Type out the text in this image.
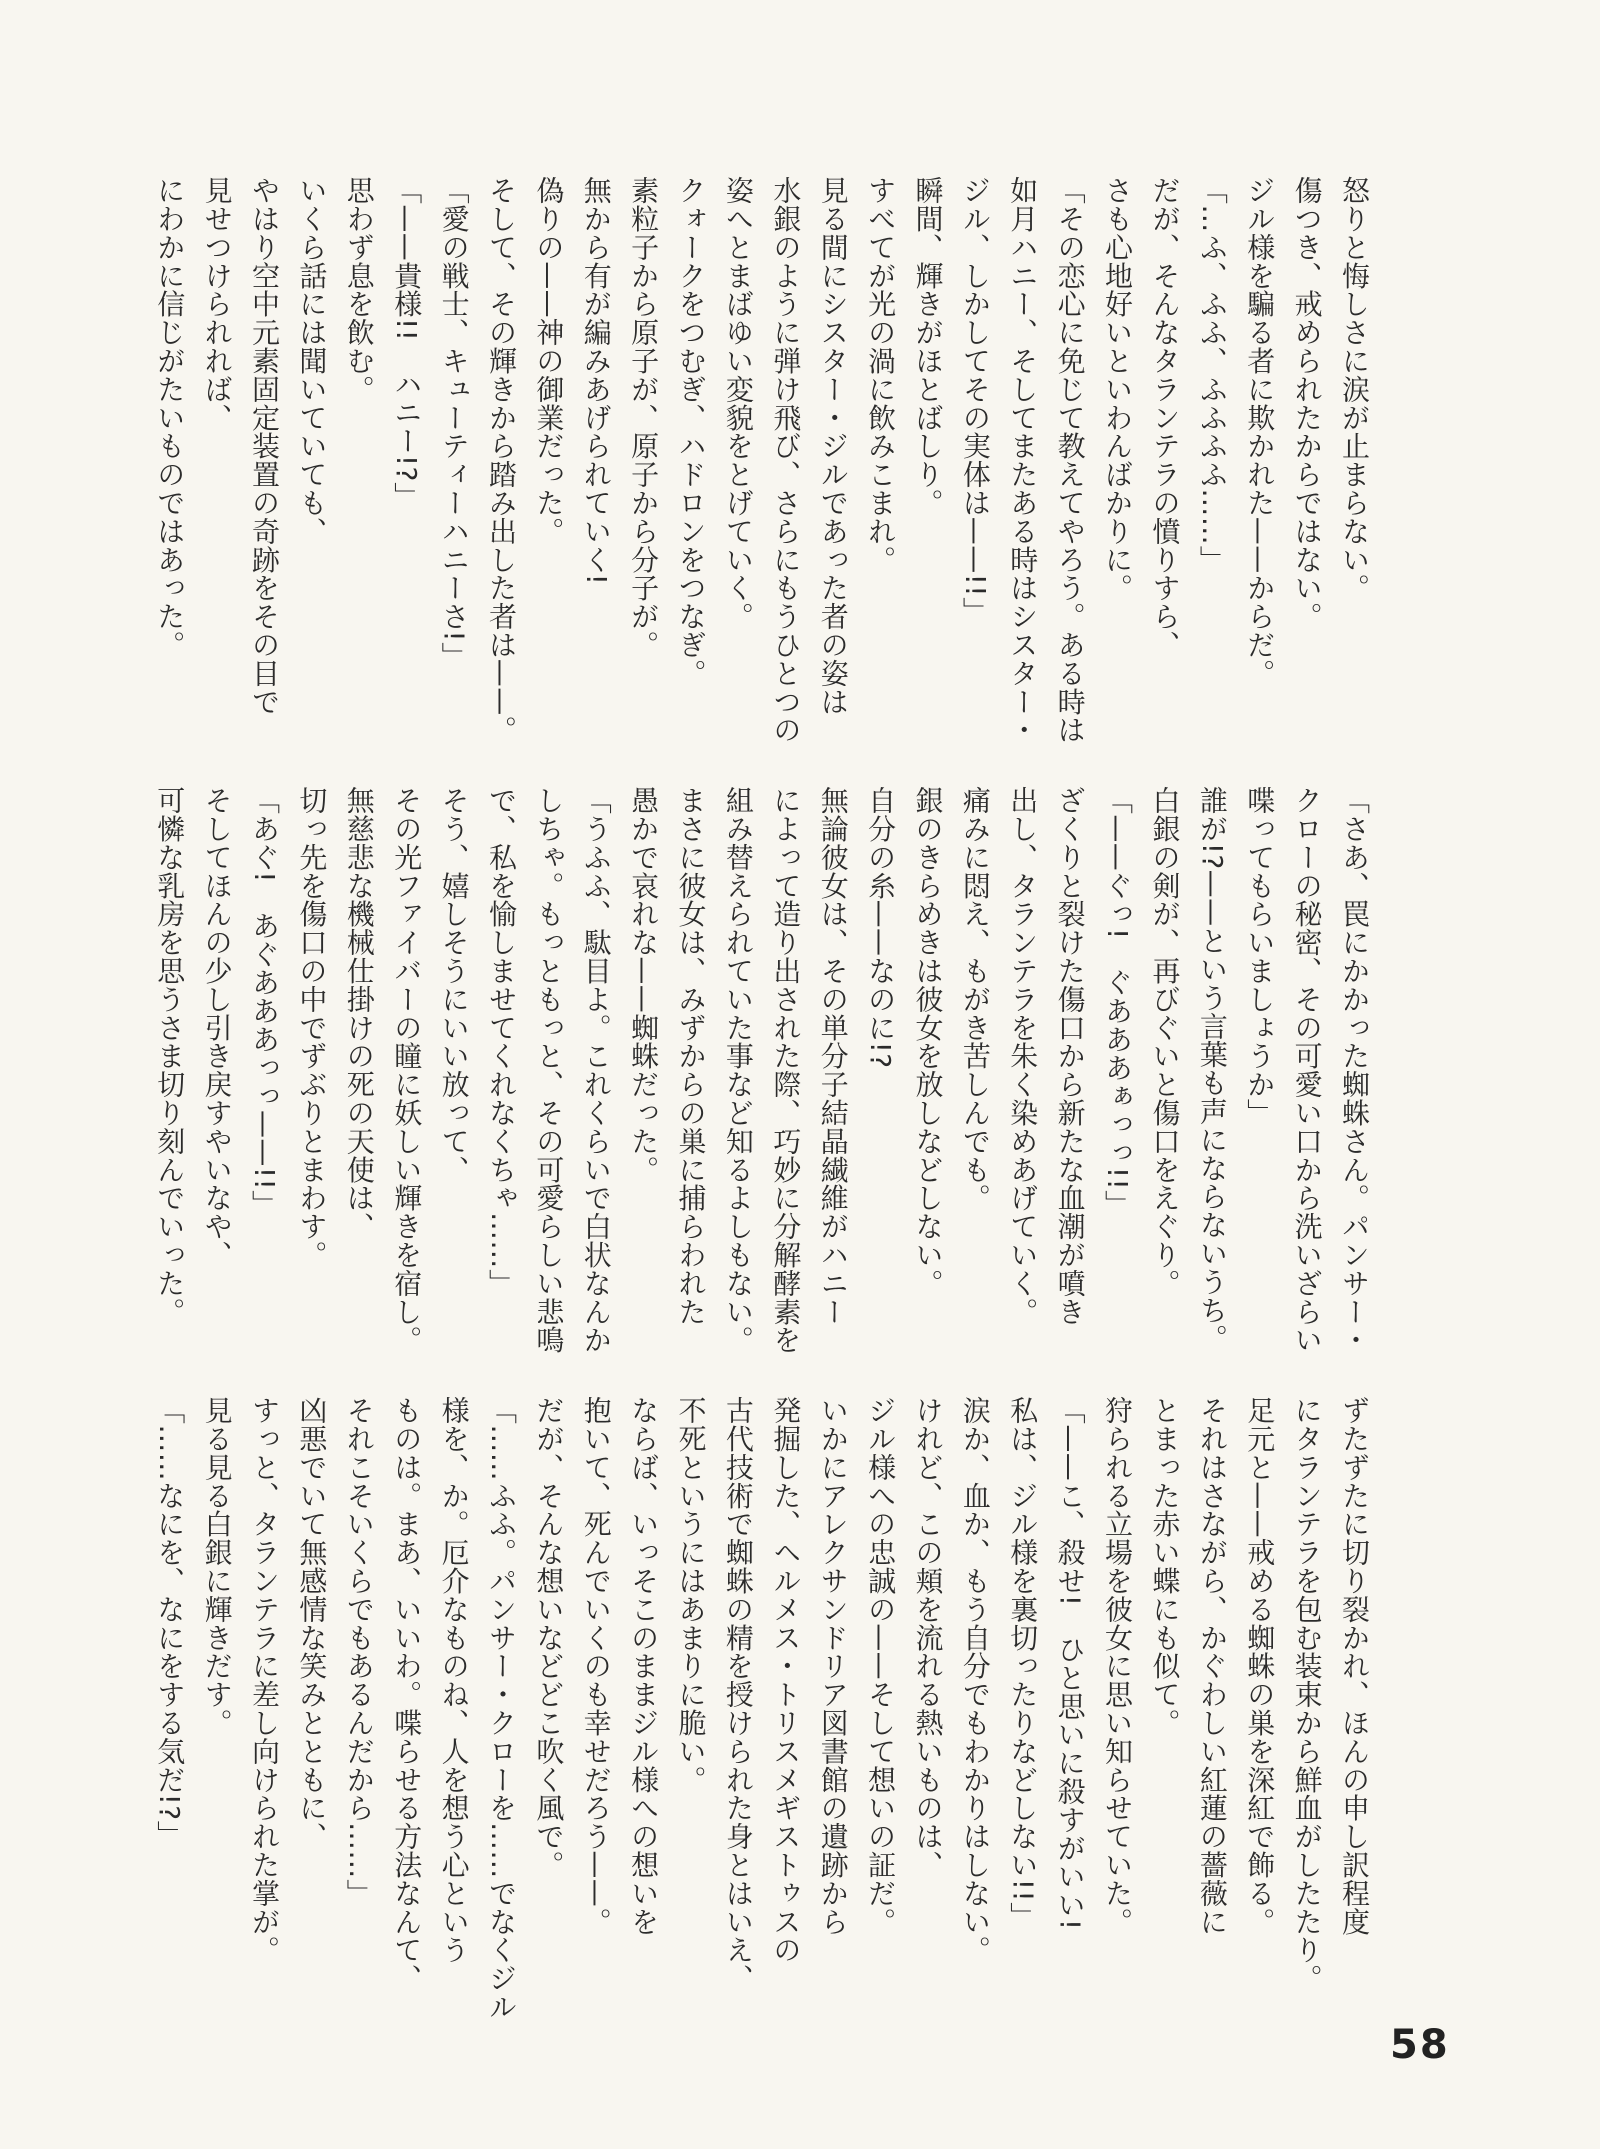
怒りと悔しさに涙が止まらない。
傷つき、戒められたからではない。
ジル様を騙る者に欺かれた——からだ。
「…ふ、ふふ、ふふふふ……」
だが、そんなタランテラの憤りすら、
さも心地好いといわんばかりに。
「その恋心に免じて教えてやろう。ある時は
如月ハニー、そしてまたある時はシスター・
ジル、しかしてその実体は——!!」
瞬間、輝きがほとばしり。
すべてが光の渦に飲みこまれ。
見る間にシスター・ジルであった者の姿は
水銀のように弾け飛び、さらにもうひとつの
姿へとまばゆい変貌をとげていく。
クォークをつむぎ、ハドロンをつなぎ。
素粒子から原子が、原子から分子が。
無から有が編みあげられていく!
偽りの——神の御業だった。
そして、その輝きから踏み出した者は——。
「愛の戦士、キューティーハニーさ!」
「——貴様!!　ハニー!?」
思わず息を飲む。
いくら話には聞いていても、
やはり空中元素固定装置の奇跡をその目で
見せつけられれば、
にわかに信じがたいものではあった。
「さあ、罠にかかった蜘蛛さん。パンサー・
クローの秘密、その可愛い口から洗いざらい
喋ってもらいましょうか」
誰が!?——という言葉も声にならないうち。
白銀の剣が、再びぐいと傷口をえぐり。
「——ぐっ!　ぐあああぁっっ!!」
ざくりと裂けた傷口から新たな血潮が噴き
出し、タランテラを朱く染めあげていく。
痛みに悶え、もがき苦しんでも。
銀のきらめきは彼女を放しなどしない。
自分の糸——なのに!?
無論彼女は、その単分子結晶繊維がハニー
によって造り出された際、巧妙に分解酵素を
組み替えられていた事など知るよしもない。
まさに彼女は、みずからの巣に捕らわれた
愚かで哀れな——蜘蛛だった。
「うふふ、駄目よ。これくらいで白状なんか
しちゃ。もっともっと、その可愛らしい悲鳴
で、私を愉しませてくれなくちゃ……」
そう、嬉しそうにいい放って、
その光ファイバーの瞳に妖しい輝きを宿し。
無慈悲な機械仕掛けの死の天使は、
切っ先を傷口の中でずぶりとまわす。
「あぐ!　あぐあああっっ——!!」
そしてほんの少し引き戻すやいなや、
可憐な乳房を思うさま切り刻んでいった。
ずたずたに切り裂かれ、ほんの申し訳程度
にタランテラを包む装束から鮮血がしたたり。
足元と——戒める蜘蛛の巣を深紅で飾る。
それはさながら、かぐわしい紅蓮の薔薇に
とまった赤い蝶にも似て。
狩られる立場を彼女に思い知らせていた。
「——こ、殺せ!　ひと思いに殺すがいい!
私は、ジル様を裏切ったりなどしない!!」
涙か、血か、もう自分でもわかりはしない。
けれど、この頬を流れる熱いものは、
ジル様への忠誠の——そして想いの証だ。
いかにアレクサンドリア図書館の遺跡から
発掘した、ヘルメス・トリスメギストゥスの
古代技術で蜘蛛の精を授けられた身とはいえ、
不死というにはあまりに脆い。
ならば、いっそこのままジル様への想いを
抱いて、死んでいくのも幸せだろう——。
だが、そんな想いなどどこ吹く風で。
「……ふふ。パンサー・クローを……でなくジル
様を、か。厄介なものね、人を想う心という
ものは。まあ、いいわ。喋らせる方法なんて、
それこそいくらでもあるんだから……」
凶悪でいて無感情な笑みとともに、
すっと、タランテラに差し向けられた掌が。
見る見る白銀に輝きだす。
「……なにを、なにをする気だ!?」
58
